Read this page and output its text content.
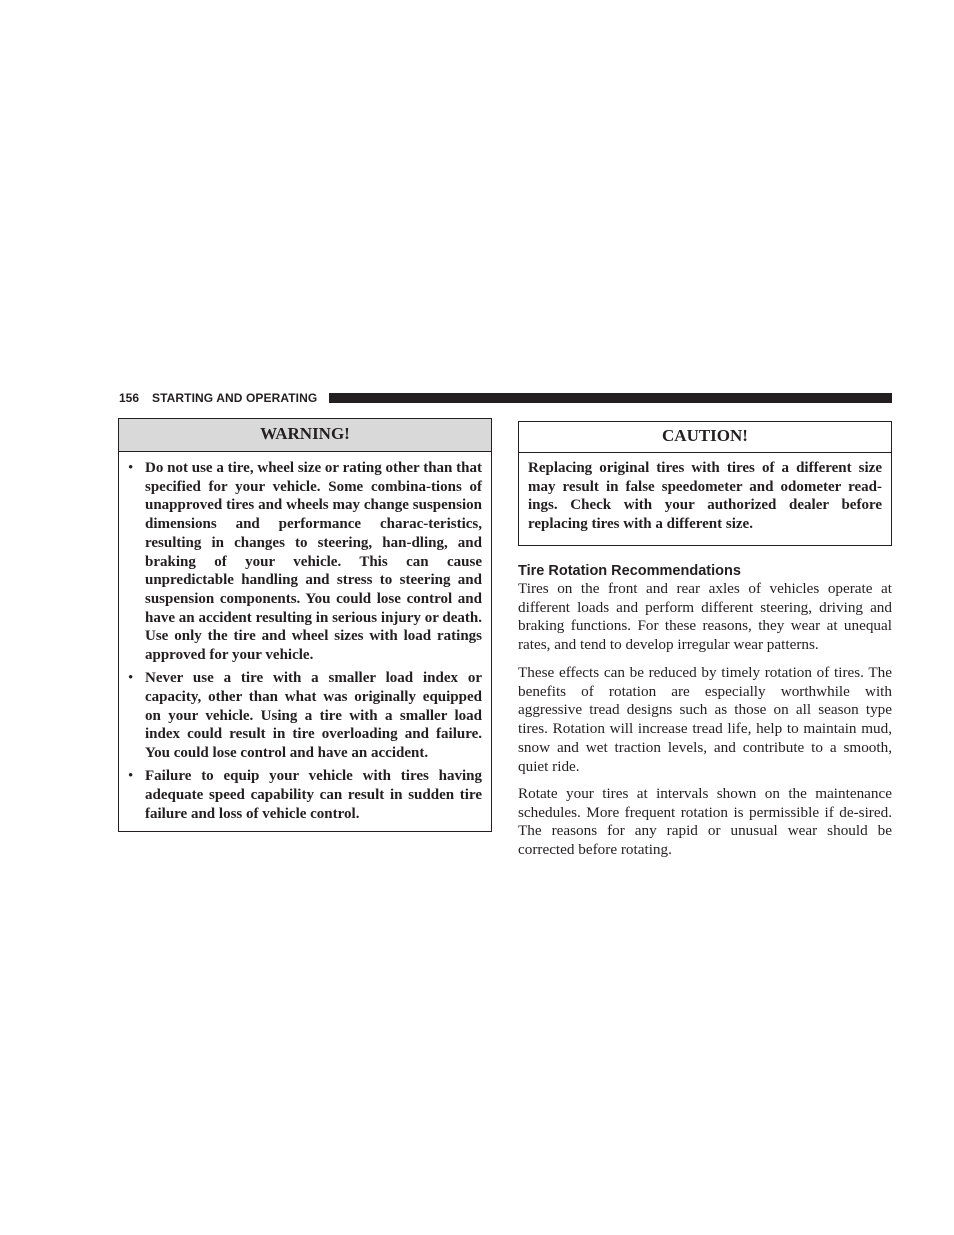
156 STARTING AND OPERATING
WARNING!
• Do not use a tire, wheel size or rating other than that specified for your vehicle. Some combina-tions of unapproved tires and wheels may change suspension dimensions and performance charac-teristics, resulting in changes to steering, han-dling, and braking of your vehicle. This can cause unpredictable handling and stress to steering and suspension components. You could lose control and have an accident resulting in serious injury or death. Use only the tire and wheel sizes with load ratings approved for your vehicle.
• Never use a tire with a smaller load index or capacity, other than what was originally equipped on your vehicle. Using a tire with a smaller load index could result in tire overloading and failure. You could lose control and have an accident.
• Failure to equip your vehicle with tires having adequate speed capability can result in sudden tire failure and loss of vehicle control.
CAUTION!
Replacing original tires with tires of a different size may result in false speedometer and odometer read-ings. Check with your authorized dealer before replacing tires with a different size.
Tire Rotation Recommendations

Tires on the front and rear axles of vehicles operate at different loads and perform different steering, driving and braking functions. For these reasons, they wear at unequal rates, and tend to develop irregular wear patterns.

These effects can be reduced by timely rotation of tires. The benefits of rotation are especially worthwhile with aggressive tread designs such as those on all season type tires. Rotation will increase tread life, help to maintain mud, snow and wet traction levels, and contribute to a smooth, quiet ride.

Rotate your tires at intervals shown on the maintenance schedules. More frequent rotation is permissible if de-sired. The reasons for any rapid or unusual wear should be corrected before rotating.
